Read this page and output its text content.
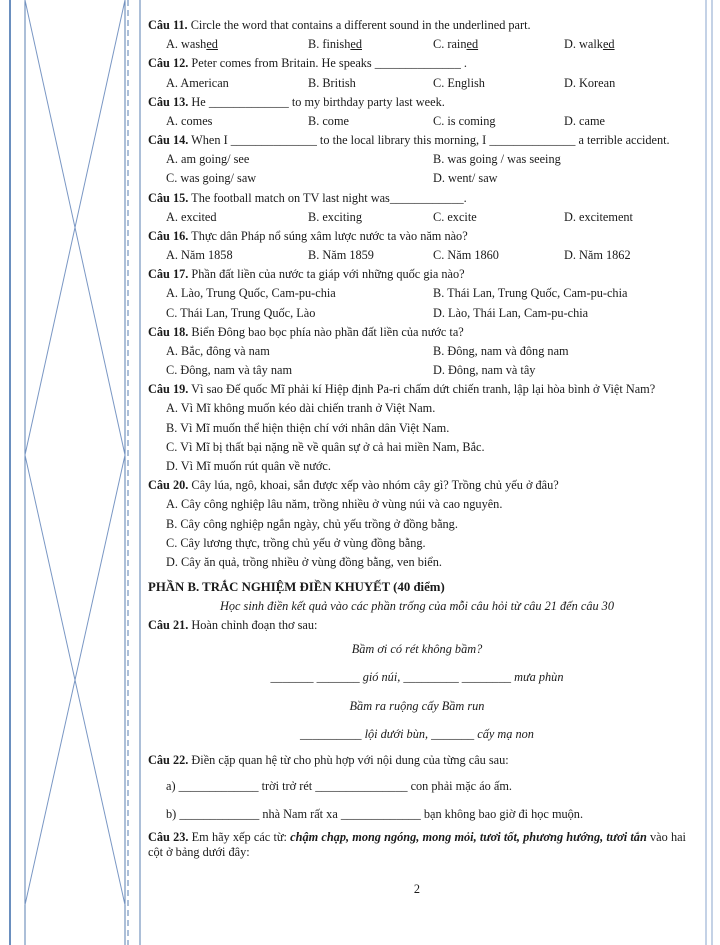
Câu 11. Circle the word that contains a different sound in the underlined part.
A. washed	B. finished	C. rained	D. walked
Câu 12. Peter comes from Britain. He speaks ______________ .
A. American	B. British	C. English	D. Korean
Câu 13. He _____________ to my birthday party last week.
A. comes	B. come	C. is coming	D. came
Câu 14. When I ______________ to the local library this morning, I ______________ a terrible accident.
A. am going/ see	B. was going / was seeing
C. was going/ saw	D. went/ saw
Câu 15. The football match on TV last night was____________.
A. excited	B. exciting	C. excite	D. excitement
Câu 16. Thực dân Pháp nổ súng xâm lược nước ta vào năm nào?
A. Năm 1858	B. Năm 1859	C. Năm 1860	D. Năm 1862
Câu 17. Phần đất liền của nước ta giáp với những quốc gia nào?
A. Lào, Trung Quốc, Cam-pu-chia	B. Thái Lan, Trung Quốc, Cam-pu-chia
C. Thái Lan, Trung Quốc, Lào	D. Lào, Thái Lan, Cam-pu-chia
Câu 18. Biển Đông bao bọc phía nào phần đất liền của nước ta?
A. Bắc, đông và nam	B. Đông, nam và đông nam
C. Đông, nam và tây nam	D. Đông, nam và tây
Câu 19. Vì sao Đế quốc Mĩ phải kí Hiệp định Pa-ri chấm dứt chiến tranh, lập lại hòa bình ở Việt Nam?
A. Vì Mĩ không muốn kéo dài chiến tranh ở Việt Nam.
B. Vì Mĩ muốn thể hiện thiện chí với nhân dân Việt Nam.
C. Vì Mĩ bị thất bại nặng nề về quân sự ở cả hai miền Nam, Bắc.
D. Vì Mĩ muốn rút quân về nước.
Câu 20. Cây lúa, ngô, khoai, sắn được xếp vào nhóm cây gì? Trồng chủ yếu ở đâu?
A. Cây công nghiệp lâu năm, trồng nhiều ở vùng núi và cao nguyên.
B. Cây công nghiệp ngắn ngày, chủ yếu trồng ở đồng bằng.
C. Cây lương thực, trồng chủ yếu ở vùng đồng bằng.
D. Cây ăn quả, trồng nhiều ở vùng đồng bằng, ven biển.
PHẦN B. TRẮC NGHIỆM ĐIỀN KHUYẾT (40 điểm)
Học sinh điền kết quả vào các phần trống của mỗi câu hỏi từ câu 21 đến câu 30
Câu 21. Hoàn chỉnh đoạn thơ sau:
Bầm ơi có rét không bầm?
_______ _______ gió núi, _________ ________ mưa phùn
Bầm ra ruộng cấy Bầm run
__________ lội dưới bùn, _______ cấy mạ non
Câu 22. Điền cặp quan hệ từ cho phù hợp với nội dung của từng câu sau:
a) _____________ trời trở rét _______________ con phải mặc áo ấm.
b) _____________ nhà Nam rất xa _____________ bạn không bao giờ đi học muộn.
Câu 23. Em hãy xếp các từ: chậm chạp, mong ngóng, mong mỏi, tươi tốt, phương hướng, tươi tắn vào hai cột ở bảng dưới đây:
2
